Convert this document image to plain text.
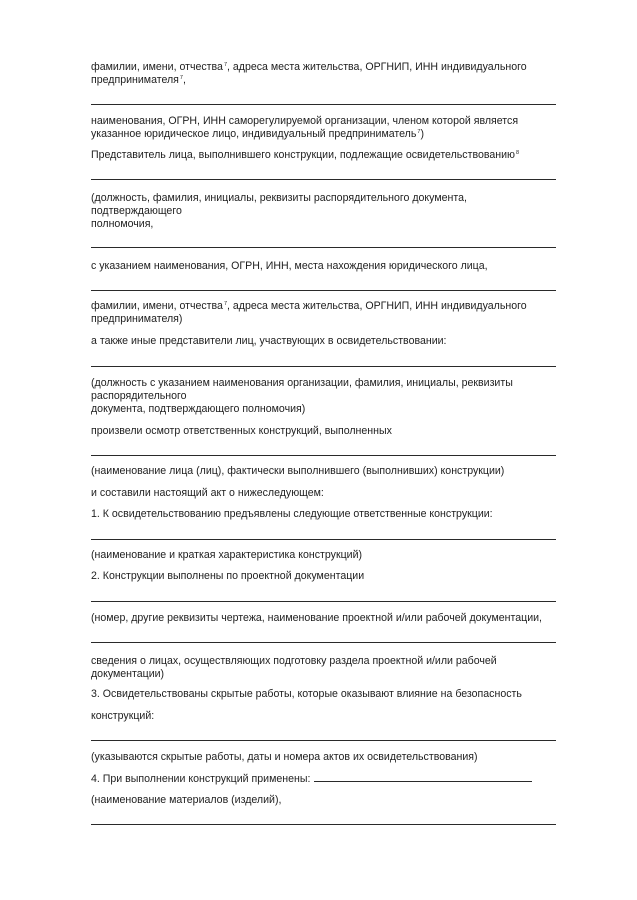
фамилии, имени, отчества$^7$, адреса места жительства, ОРГНИП, ИНН индивидуального

предпринимателя$^7$,

наименования, ОГРН, ИНН саморегулируемой организации, членом которой является

указанное юридическое лицо, индивидуальный предприниматель$^7$)

Представитель лица, выполнившего конструкции, подлежащие освидетельствованию$^8$

(должность, фамилия, инициалы, реквизиты распорядительного документа,

подтверждающего

полномочия,

с указанием наименования, ОГРН, ИНН, места нахождения юридического лица,

фамилии, имени, отчества$^7$, адреса места жительства, ОРГНИП, ИНН индивидуального

предпринимателя)

а также иные представители лиц, участвующих в освидетельствовании:

(должность с указанием наименования организации, фамилия, инициалы, реквизиты

распорядительного

документа, подтверждающего полномочия)

произвели осмотр ответственных конструкций, выполненных

(наименование лица (лиц), фактически выполнившего (выполнивших) конструкции)

и составили настоящий акт о нижеследующем:

1. К освидетельствованию предъявлены следующие ответственные конструкции:

(наименование и краткая характеристика конструкций)

2. Конструкции выполнены по проектной документации

(номер, другие реквизиты чертежа, наименование проектной и/или рабочей документации,

сведения о лицах, осуществляющих подготовку раздела проектной и/или рабочей

документации)

3. Освидетельствованы скрытые работы, которые оказывают влияние на безопасность

конструкций:

(указываются скрытые работы, даты и номера актов их освидетельствования)

4. При выполнении конструкций применены:

(наименование материалов (изделий),
